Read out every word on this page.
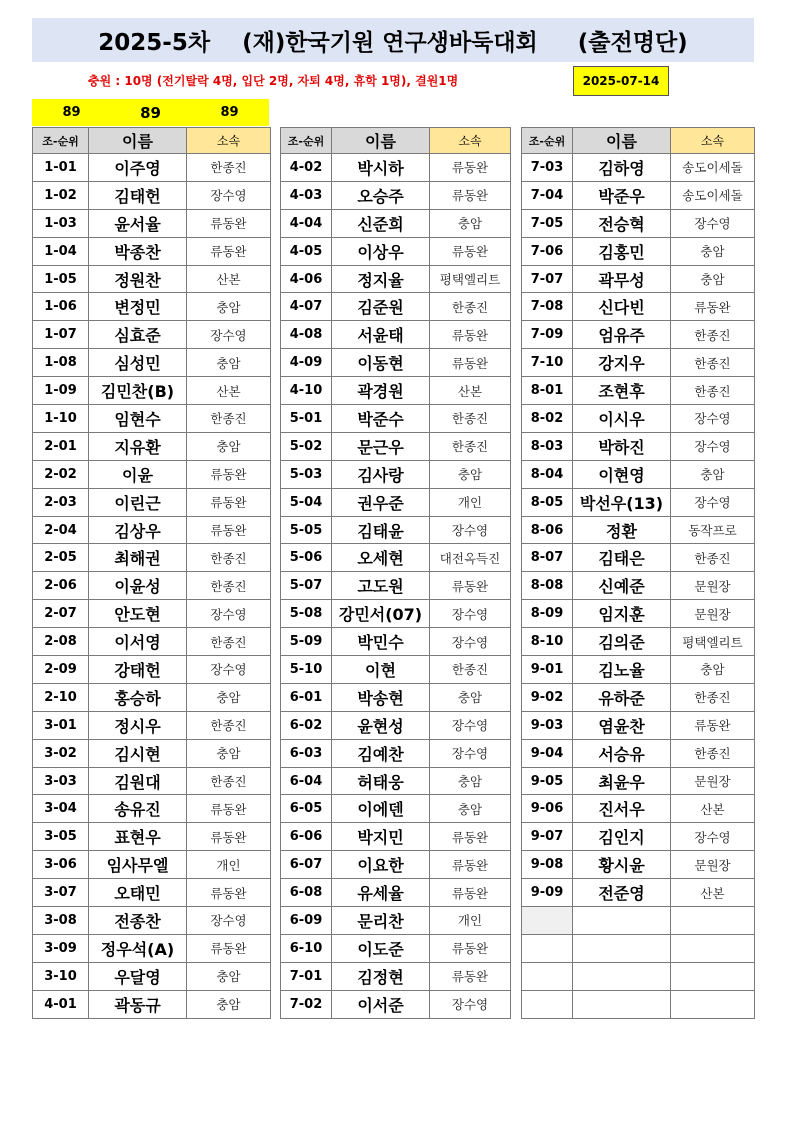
2025-5차    (재)한국기원 연구생바둑대회     (출전명단)
충원 : 10명 (전기탈락 4명, 입단 2명, 자퇴 4명, 휴학 1명), 결원1명	2025-07-14
89	89	89
조-순위	이름	소속
1-01	이주영	한종진
1-02	김태헌	장수영
1-03	윤서율	류동완
1-04	박종찬	류동완
1-05	정원찬	산본
1-06	변정민	충암
1-07	심효준	장수영
1-08	심성민	충암
1-09	김민찬(B)	산본
1-10	임현수	한종진
2-01	지유환	충암
2-02	이윤	류동완
2-03	이린근	류동완
2-04	김상우	류동완
2-05	최해권	한종진
2-06	이윤성	한종진
2-07	안도현	장수영
2-08	이서영	한종진
2-09	강태헌	장수영
2-10	홍승하	충암
3-01	정시우	한종진
3-02	김시현	충암
3-03	김원대	한종진
3-04	송유진	류동완
3-05	표현우	류동완
3-06	임사무엘	개인
3-07	오태민	류동완
3-08	전종찬	장수영
3-09	정우석(A)	류동완
3-10	우달영	충암
4-01	곽동규	충암
조-순위	이름	소속
4-02	박시하	류동완
4-03	오승주	류동완
4-04	신준희	충암
4-05	이상우	류동완
4-06	정지율	평택엘리트
4-07	김준원	한종진
4-08	서윤태	류동완
4-09	이동현	류동완
4-10	곽경원	산본
5-01	박준수	한종진
5-02	문근우	한종진
5-03	김사랑	충암
5-04	권우준	개인
5-05	김태윤	장수영
5-06	오세현	대전옥득진
5-07	고도원	류동완
5-08	강민서(07)	장수영
5-09	박민수	장수영
5-10	이현	한종진
6-01	박송현	충암
6-02	윤현성	장수영
6-03	김예찬	장수영
6-04	허태웅	충암
6-05	이에덴	충암
6-06	박지민	류동완
6-07	이요한	류동완
6-08	유세율	류동완
6-09	문리찬	개인
6-10	이도준	류동완
7-01	김정현	류동완
7-02	이서준	장수영
조-순위	이름	소속
7-03	김하영	송도이세돌
7-04	박준우	송도이세돌
7-05	전승혁	장수영
7-06	김홍민	충암
7-07	곽무성	충암
7-08	신다빈	류동완
7-09	엄유주	한종진
7-10	강지우	한종진
8-01	조현후	한종진
8-02	이시우	장수영
8-03	박하진	장수영
8-04	이현영	충암
8-05	박선우(13)	장수영
8-06	정환	동작프로
8-07	김태은	한종진
8-08	신예준	문원장
8-09	임지훈	문원장
8-10	김의준	평택엘리트
9-01	김노율	충암
9-02	유하준	한종진
9-03	염윤찬	류동완
9-04	서승유	한종진
9-05	최윤우	문원장
9-06	진서우	산본
9-07	김인지	장수영
9-08	황시윤	문원장
9-09	전준영	산본
